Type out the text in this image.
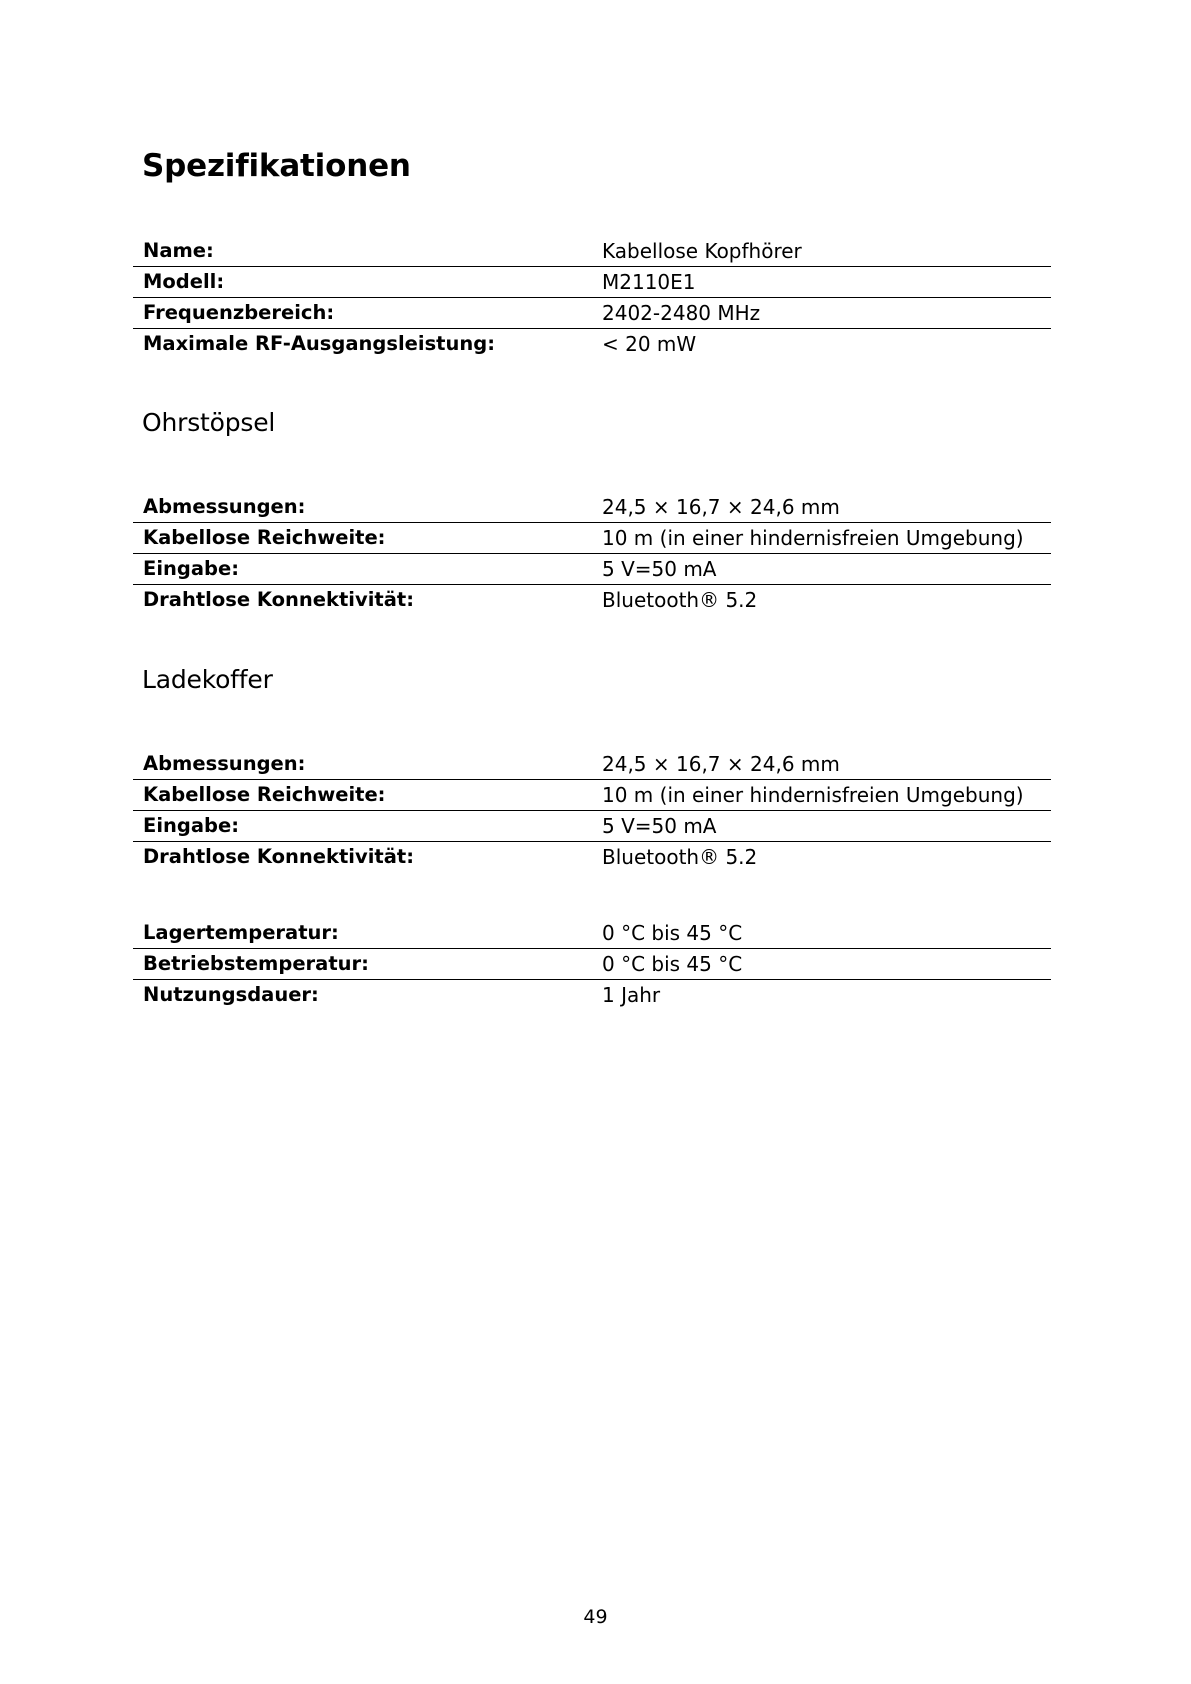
Spezifikationen
Name:	Kabellose Kopfhörer
Modell:	M2110E1
Frequenzbereich:	2402-2480 MHz
Maximale RF-Ausgangsleistung:	< 20 mW
Ohrstöpsel
Abmessungen:	24,5 × 16,7 × 24,6 mm
Kabellose Reichweite:	10 m (in einer hindernisfreien Umgebung)
Eingabe:	5 V=50 mA
Drahtlose Konnektivität:	Bluetooth® 5.2
Ladekoffer
Abmessungen:	24,5 × 16,7 × 24,6 mm
Kabellose Reichweite:	10 m (in einer hindernisfreien Umgebung)
Eingabe:	5 V=50 mA
Drahtlose Konnektivität:	Bluetooth® 5.2
Lagertemperatur:	0 °C bis 45 °C
Betriebstemperatur:	0 °C bis 45 °C
Nutzungsdauer:	1 Jahr
49
